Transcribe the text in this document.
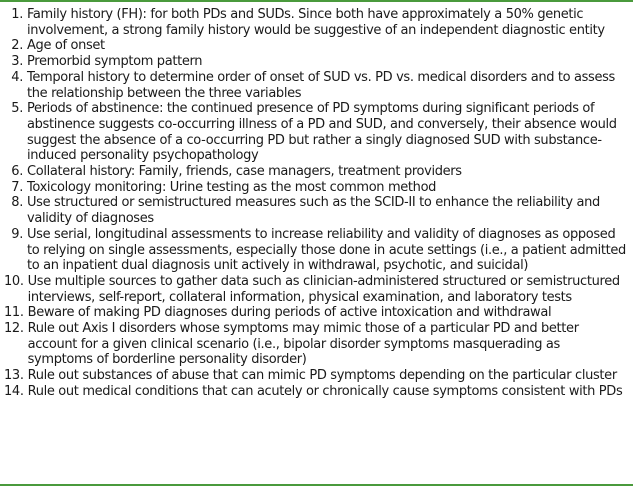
1. Family history (FH): for both PDs and SUDs. Since both have approximately a 50% genetic involvement, a strong family history would be suggestive of an independent diagnostic entity
2. Age of onset
3. Premorbid symptom pattern
4. Temporal history to determine order of onset of SUD vs. PD vs. medical disorders and to assess the relationship between the three variables
5. Periods of abstinence: the continued presence of PD symptoms during significant periods of abstinence suggests co-occurring illness of a PD and SUD, and conversely, their absence would suggest the absence of a co-occurring PD but rather a singly diagnosed SUD with substance-induced personality psychopathology
6. Collateral history: Family, friends, case managers, treatment providers
7. Toxicology monitoring: Urine testing as the most common method
8. Use structured or semistructured measures such as the SCID-II to enhance the reliability and validity of diagnoses
9. Use serial, longitudinal assessments to increase reliability and validity of diagnoses as opposed to relying on single assessments, especially those done in acute settings (i.e., a patient admitted to an inpatient dual diagnosis unit actively in withdrawal, psychotic, and suicidal)
10. Use multiple sources to gather data such as clinician-administered structured or semistructured interviews, self-report, collateral information, physical examination, and laboratory tests
11. Beware of making PD diagnoses during periods of active intoxication and withdrawal
12. Rule out Axis I disorders whose symptoms may mimic those of a particular PD and better account for a given clinical scenario (i.e., bipolar disorder symptoms masquerading as symptoms of borderline personality disorder)
13. Rule out substances of abuse that can mimic PD symptoms depending on the particular cluster
14. Rule out medical conditions that can acutely or chronically cause symptoms consistent with PDs
